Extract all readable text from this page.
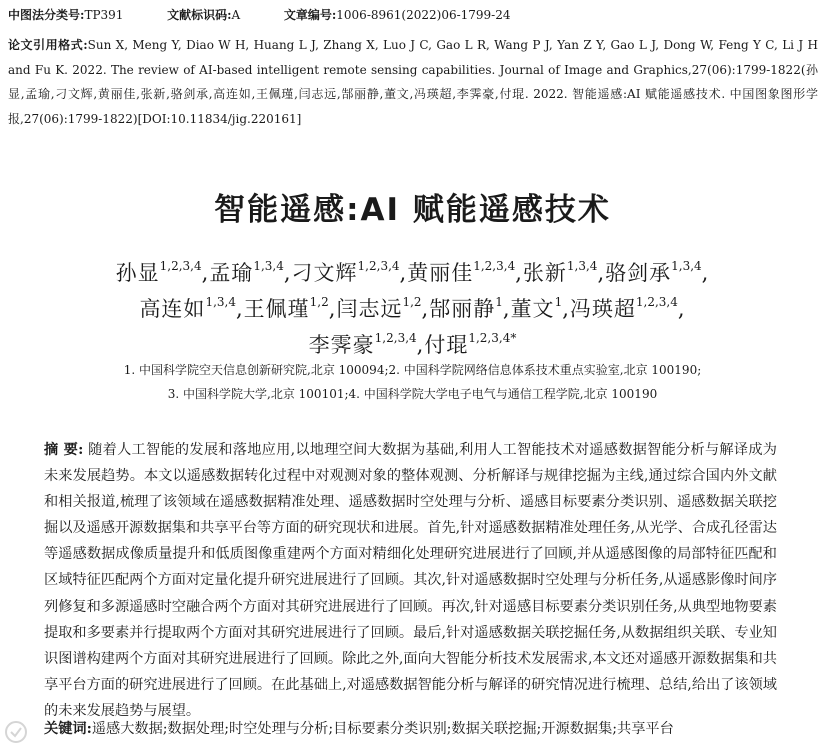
中图法分类号:TP391	文献标识码:A	文章编号:1006-8961(2022)06-1799-24
论文引用格式:Sun X, Meng Y, Diao W H, Huang L J, Zhang X, Luo J C, Gao L R, Wang P J, Yan Z Y, Gao L J, Dong W, Feng Y C, Li J H and Fu K. 2022. The review of AI-based intelligent remote sensing capabilities. Journal of Image and Graphics,27(06):1799-1822(孙显,孟瑜,刁文辉,黄丽佳,张新,骆剑承,高连如,王佩瑾,闫志远,郜丽静,董文,冯瑛超,李霁豪,付琨. 2022. 智能遥感:AI 赋能遥感技术. 中国图象图形学报,27(06):1799-1822)[DOI:10.11834/jig.220161]
智能遥感:AI 赋能遥感技术
孙显$^{1,2,3,4}$,孟瑜$^{1,3,4}$,刁文辉$^{1,2,3,4}$,黄丽佳$^{1,2,3,4}$,张新$^{1,3,4}$,骆剑承$^{1,3,4}$,
高连如$^{1,3,4}$,王佩瑾$^{1,2}$,闫志远$^{1,2}$,郜丽静$^1$,董文$^1$,冯瑛超$^{1,2,3,4}$,
李霁豪$^{1,2,3,4}$,付琨$^{1,2,3,4*}$
1. 中国科学院空天信息创新研究院,北京 100094;2. 中国科学院网络信息体系技术重点实验室,北京 100190;
3. 中国科学院大学,北京 100101;4. 中国科学院大学电子电气与通信工程学院,北京 100190
摘 要: 随着人工智能的发展和落地应用,以地理空间大数据为基础,利用人工智能技术对遥感数据智能分析与解译成为未来发展趋势。本文以遥感数据转化过程中对观测对象的整体观测、分析解译与规律挖掘为主线,通过综合国内外文献和相关报道,梳理了该领域在遥感数据精准处理、遥感数据时空处理与分析、遥感目标要素分类识别、遥感数据关联挖掘以及遥感开源数据集和共享平台等方面的研究现状和进展。首先,针对遥感数据精准处理任务,从光学、合成孔径雷达等遥感数据成像质量提升和低质图像重建两个方面对精细化处理研究进展进行了回顾,并从遥感图像的局部特征匹配和区域特征匹配两个方面对定量化提升研究进展进行了回顾。其次,针对遥感数据时空处理与分析任务,从遥感影像时间序列修复和多源遥感时空融合两个方面对其研究进展进行了回顾。再次,针对遥感目标要素分类识别任务,从典型地物要素提取和多要素并行提取两个方面对其研究进展进行了回顾。最后,针对遥感数据关联挖掘任务,从数据组织关联、专业知识图谱构建两个方面对其研究进展进行了回顾。除此之外,面向大智能分析技术发展需求,本文还对遥感开源数据集和共享平台方面的研究进展进行了回顾。在此基础上,对遥感数据智能分析与解译的研究情况进行梳理、总结,给出了该领域的未来发展趋势与展望。
关键词:遥感大数据;数据处理;时空处理与分析;目标要素分类识别;数据关联挖掘;开源数据集;共享平台
